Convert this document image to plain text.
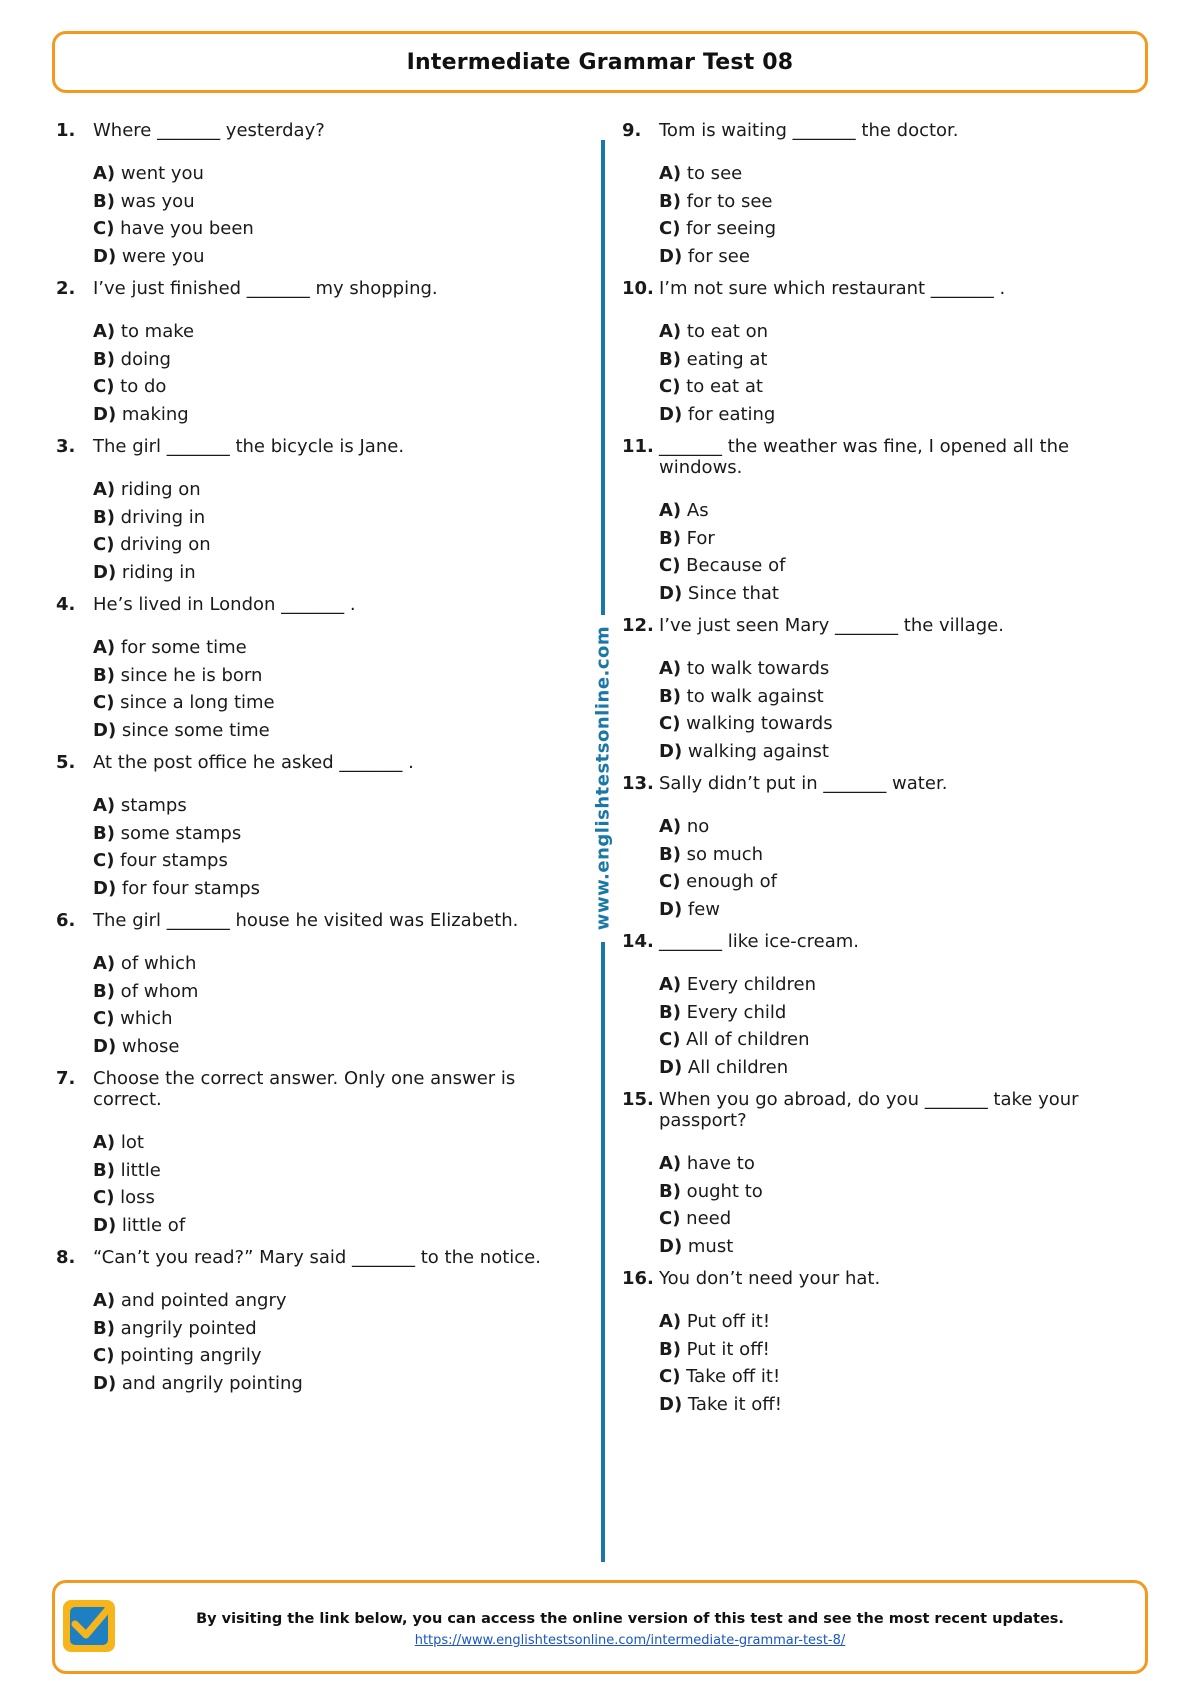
Intermediate Grammar Test 08
1. Where _______ yesterday?
A) went you
B) was you
C) have you been
D) were you
2. I’ve just finished _______ my shopping.
A) to make
B) doing
C) to do
D) making
3. The girl _______ the bicycle is Jane.
A) riding on
B) driving in
C) driving on
D) riding in
4. He’s lived in London _______ .
A) for some time
B) since he is born
C) since a long time
D) since some time
5. At the post office he asked _______ .
A) stamps
B) some stamps
C) four stamps
D) for four stamps
6. The girl _______ house he visited was Elizabeth.
A) of which
B) of whom
C) which
D) whose
7. Choose the correct answer. Only one answer is correct.
A) lot
B) little
C) loss
D) little of
8. “Can’t you read?” Mary said _______ to the notice.
A) and pointed angry
B) angrily pointed
C) pointing angrily
D) and angrily pointing
9. Tom is waiting _______ the doctor.
A) to see
B) for to see
C) for seeing
D) for see
10. I’m not sure which restaurant _______ .
A) to eat on
B) eating at
C) to eat at
D) for eating
11. _______ the weather was fine, I opened all the windows.
A) As
B) For
C) Because of
D) Since that
12. I’ve just seen Mary _______ the village.
A) to walk towards
B) to walk against
C) walking towards
D) walking against
13. Sally didn’t put in _______ water.
A) no
B) so much
C) enough of
D) few
14. _______ like ice-cream.
A) Every children
B) Every child
C) All of children
D) All children
15. When you go abroad, do you _______ take your passport?
A) have to
B) ought to
C) need
D) must
16. You don’t need your hat.
A) Put off it!
B) Put it off!
C) Take off it!
D) Take it off!
www.englishtestsonline.com
By visiting the link below, you can access the online version of this test and see the most recent updates.
https://www.englishtestsonline.com/intermediate-grammar-test-8/
